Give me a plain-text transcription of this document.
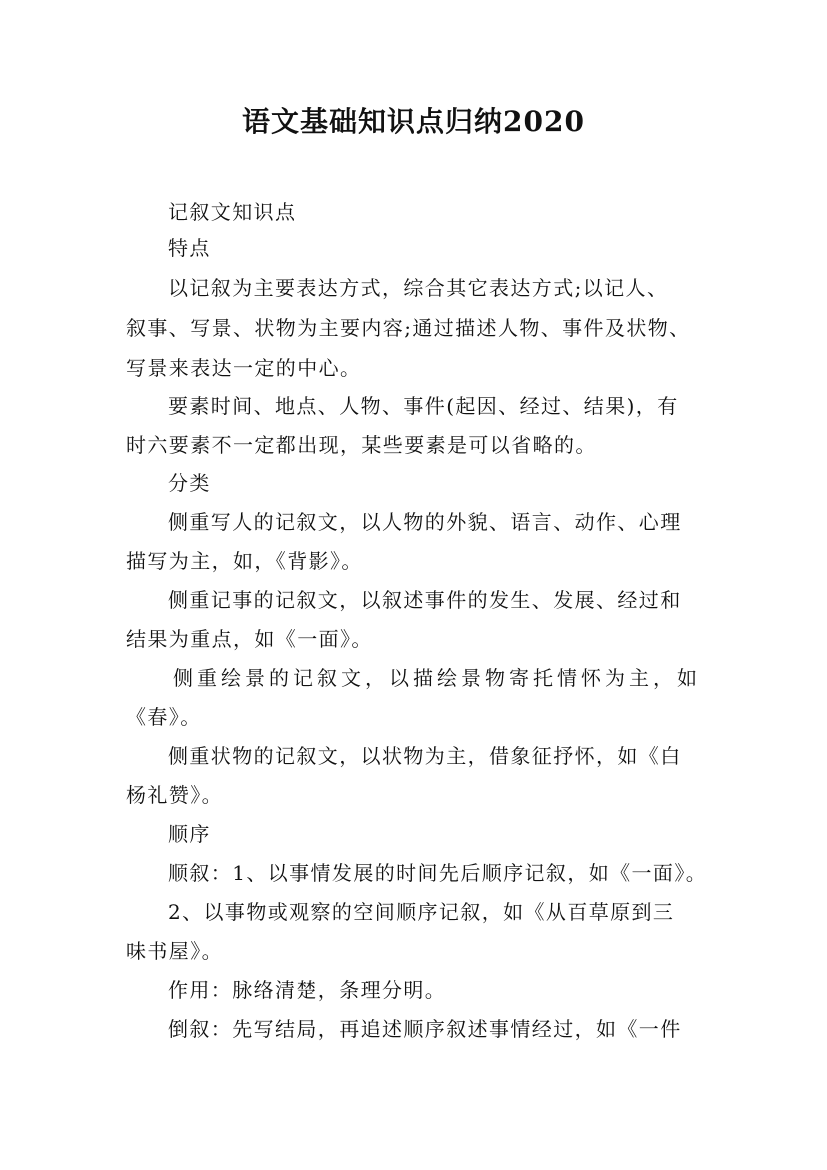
语文基础知识点归纳2020
记叙文知识点
特点
以记叙为主要表达方式，综合其它表达方式;以记人、
叙事、写景、状物为主要内容;通过描述人物、事件及状物、
写景来表达一定的中心。
要素时间、地点、人物、事件(起因、经过、结果)，有
时六要素不一定都出现，某些要素是可以省略的。
分类
侧重写人的记叙文，以人物的外貌、语言、动作、心理
描写为主，如，《背影》。
侧重记事的记叙文，以叙述事件的发生、发展、经过和
结果为重点，如《一面》。
侧重绘景的记叙文，以描绘景物寄托情怀为主，如
《春》。
侧重状物的记叙文，以状物为主，借象征抒怀，如《白
杨礼赞》。
顺序
顺叙：1、以事情发展的时间先后顺序记叙，如《一面》。
2、以事物或观察的空间顺序记叙，如《从百草原到三
味书屋》。
作用：脉络清楚，条理分明。
倒叙：先写结局，再追述顺序叙述事情经过，如《一件
